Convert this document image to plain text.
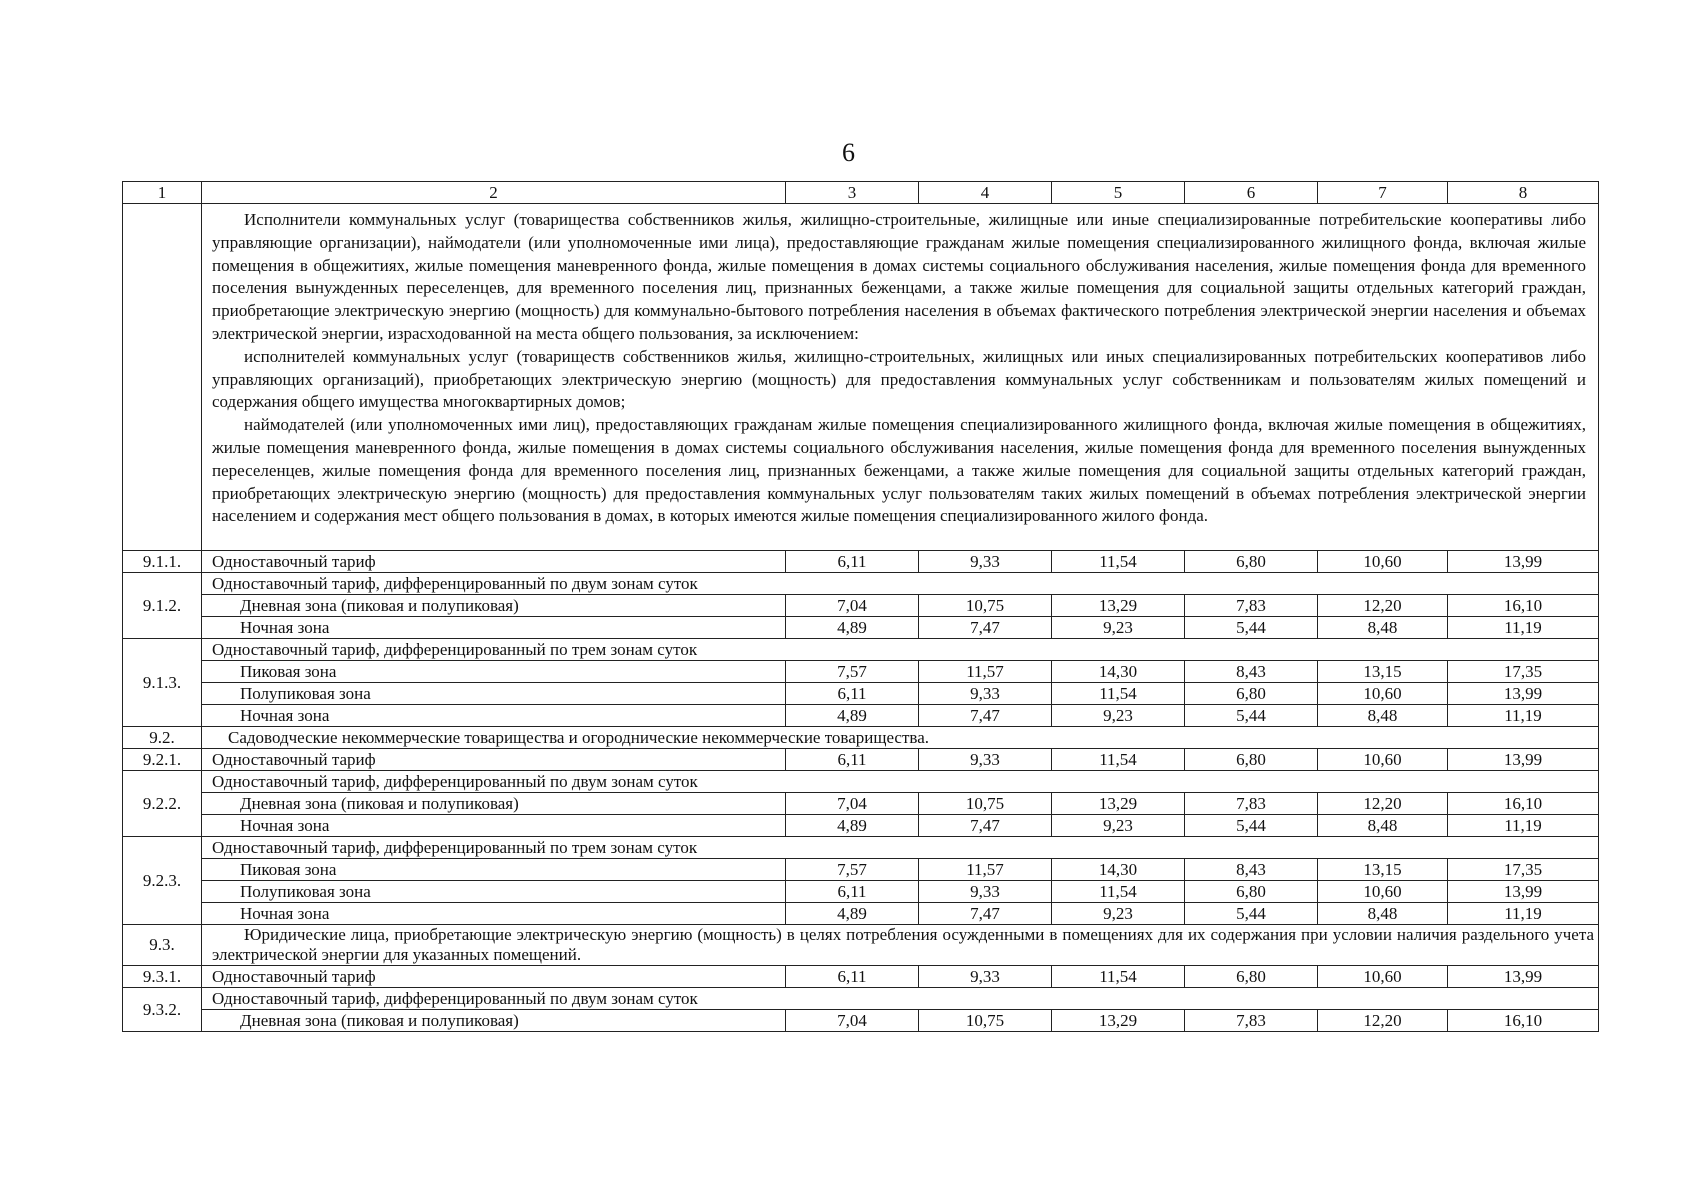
6
1	2	3	4	5	6	7	8

	Исполнители коммунальных услуг (товарищества собственников жилья, жилищно-строительные, жилищные или иные специализированные потребительские кооперативы либо управляющие организации), наймодатели (или уполномоченные ими лица), предоставляющие гражданам жилые помещения специализированного жилищного фонда, включая жилые помещения в общежитиях, жилые помещения маневренного фонда, жилые помещения в домах системы социального обслуживания населения, жилые помещения фонда для временного поселения вынужденных переселенцев, для временного поселения лиц, признанных беженцами, а также жилые помещения для социальной защиты отдельных категорий граждан, приобретающие электрическую энергию (мощность) для коммунально-бытового потребления населения в объемах фактического потребления электрической энергии населения и объемах электрической энергии, израсходованной на места общего пользования, за исключением:

исполнителей коммунальных услуг (товариществ собственников жилья, жилищно-строительных, жилищных или иных специализированных потребительских кооперативов либо управляющих организаций), приобретающих электрическую энергию (мощность) для предоставления коммунальных услуг собственникам и пользователям жилых помещений и содержания общего имущества многоквартирных домов;

наймодателей (или уполномоченных ими лиц), предоставляющих гражданам жилые помещения специализированного жилищного фонда, включая жилые помещения в общежитиях, жилые помещения маневренного фонда, жилые помещения в домах системы социального обслуживания населения, жилые помещения фонда для временного поселения вынужденных переселенцев, жилые помещения фонда для временного поселения лиц, признанных беженцами, а также жилые помещения для социальной защиты отдельных категорий граждан, приобретающих электрическую энергию (мощность) для предоставления коммунальных услуг пользователям таких жилых помещений в объемах потребления электрической энергии населением и содержания мест общего пользования в домах, в которых имеются жилые помещения специализированного жилого фонда.						

9.1.1.	Одноставочный тариф	6,11	9,33	11,54	6,80	10,60	13,99
9.1.2.	Одноставочный тариф, дифференцированный по двум зонам суток						
	Дневная зона (пиковая и полупиковая)	7,04	10,75	13,29	7,83	12,20	16,10
	Ночная зона	4,89	7,47	9,23	5,44	8,48	11,19
9.1.3.	Одноставочный тариф, дифференцированный по трем зонам суток						
	Пиковая зона	7,57	11,57	14,30	8,43	13,15	17,35
	Полупиковая зона	6,11	9,33	11,54	6,80	10,60	13,99
	Ночная зона	4,89	7,47	9,23	5,44	8,48	11,19
9.2.	Садоводческие некоммерческие товарищества и огороднические некоммерческие товарищества.						
9.2.1.	Одноставочный тариф	6,11	9,33	11,54	6,80	10,60	13,99
9.2.2.	Одноставочный тариф, дифференцированный по двум зонам суток						
	Дневная зона (пиковая и полупиковая)	7,04	10,75	13,29	7,83	12,20	16,10
	Ночная зона	4,89	7,47	9,23	5,44	8,48	11,19
9.2.3.	Одноставочный тариф, дифференцированный по трем зонам суток						
	Пиковая зона	7,57	11,57	14,30	8,43	13,15	17,35
	Полупиковая зона	6,11	9,33	11,54	6,80	10,60	13,99
	Ночная зона	4,89	7,47	9,23	5,44	8,48	11,19
9.3.	Юридические лица, приобретающие электрическую энергию (мощность) в целях потребления осужденными в помещениях для их содержания при условии наличия раздельного учета электрической энергии для указанных помещений.						

9.3.1.	Одноставочный тариф	6,11	9,33	11,54	6,80	10,60	13,99
9.3.2.	Одноставочный тариф, дифференцированный по двум зонам суток						
	Дневная зона (пиковая и полупиковая)	7,04	10,75	13,29	7,83	12,20	16,10
